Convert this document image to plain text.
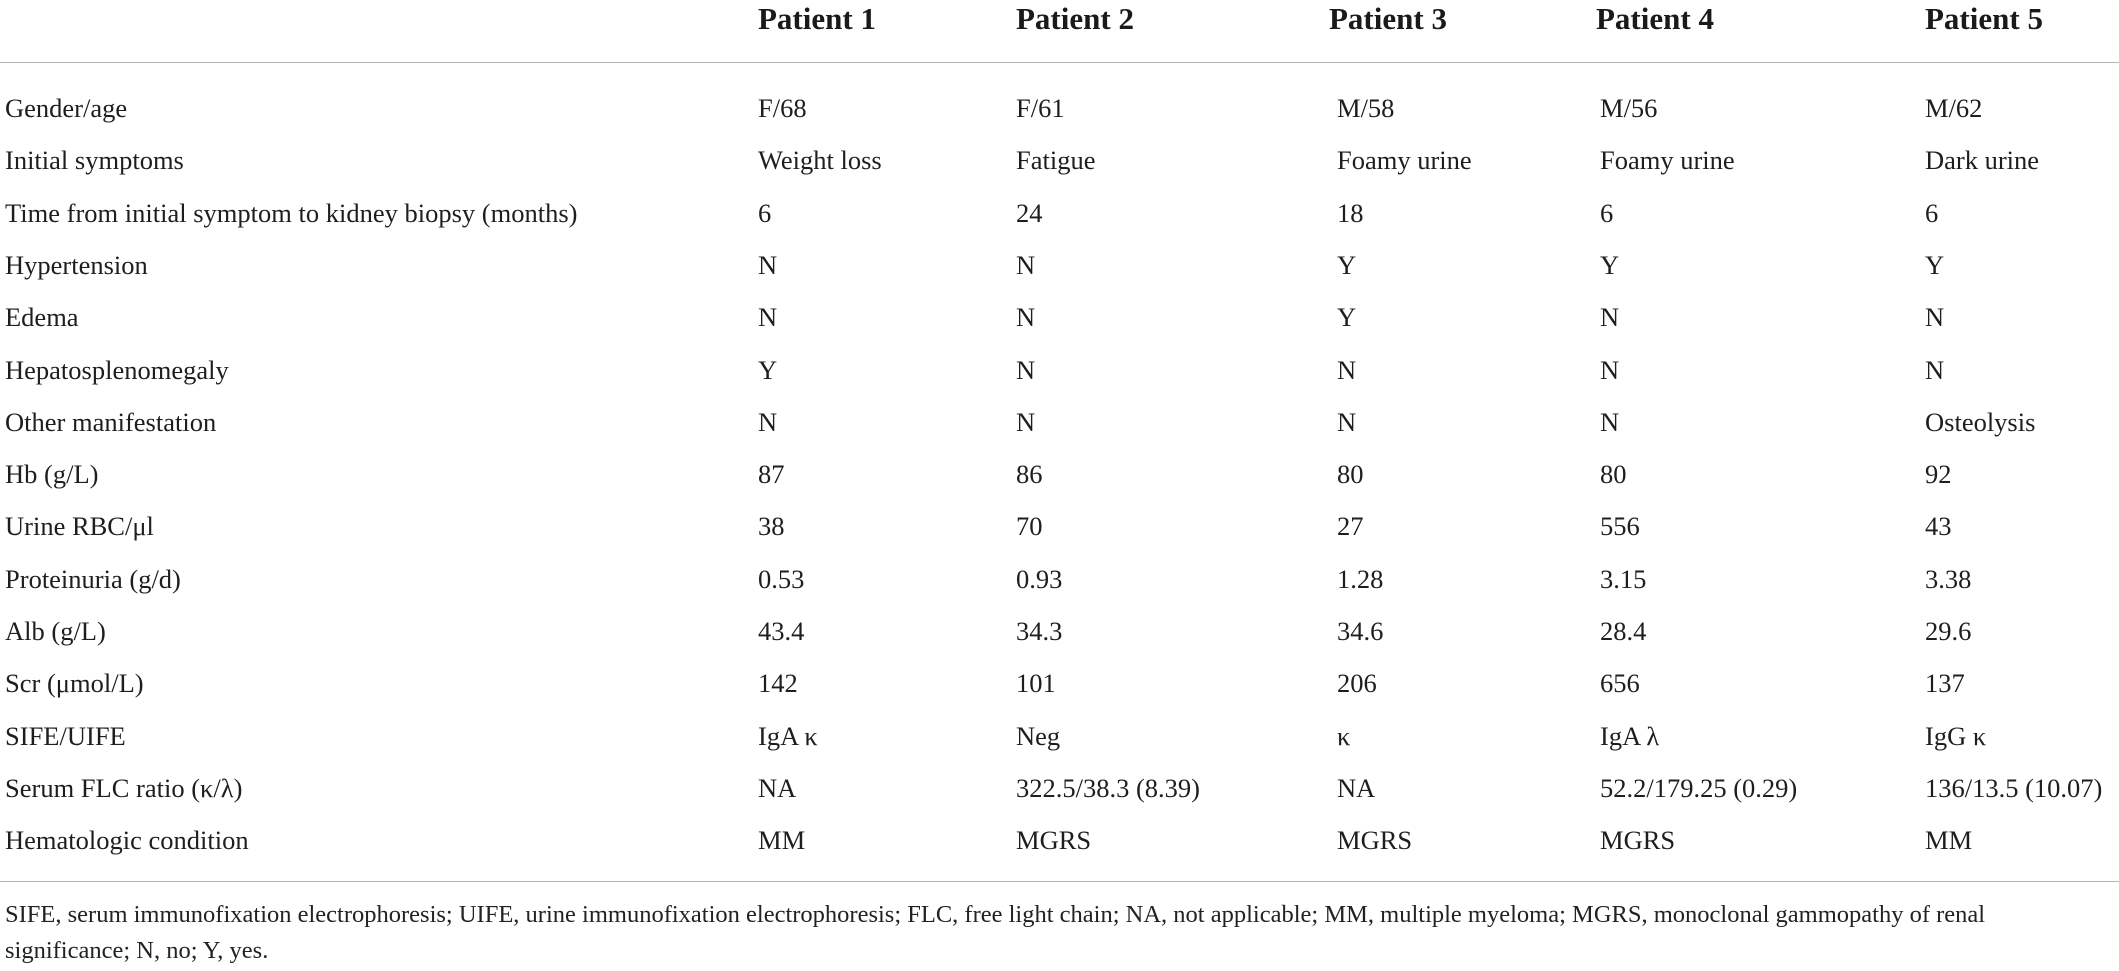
Patient 1	Patient 2	Patient 3	Patient 4	Patient 5
Gender/age	F/68	F/61	M/58	M/56	M/62
Initial symptoms	Weight loss	Fatigue	Foamy urine	Foamy urine	Dark urine
Time from initial symptom to kidney biopsy (months)	6	24	18	6	6
Hypertension	N	N	Y	Y	Y
Edema	N	N	Y	N	N
Hepatosplenomegaly	Y	N	N	N	N
Other manifestation	N	N	N	N	Osteolysis
Hb (g/L)	87	86	80	80	92
Urine RBC/μl	38	70	27	556	43
Proteinuria (g/d)	0.53	0.93	1.28	3.15	3.38
Alb (g/L)	43.4	34.3	34.6	28.4	29.6
Scr (μmol/L)	142	101	206	656	137
SIFE/UIFE	IgA κ	Neg	κ	IgA λ	IgG κ
Serum FLC ratio (κ/λ)	NA	322.5/38.3 (8.39)	NA	52.2/179.25 (0.29)	136/13.5 (10.07)
Hematologic condition	MM	MGRS	MGRS	MGRS	MM
SIFE, serum immunofixation electrophoresis; UIFE, urine immunofixation electrophoresis; FLC, free light chain; NA, not applicable; MM, multiple myeloma; MGRS, monoclonal gammopathy of renal significance; N, no; Y, yes.
